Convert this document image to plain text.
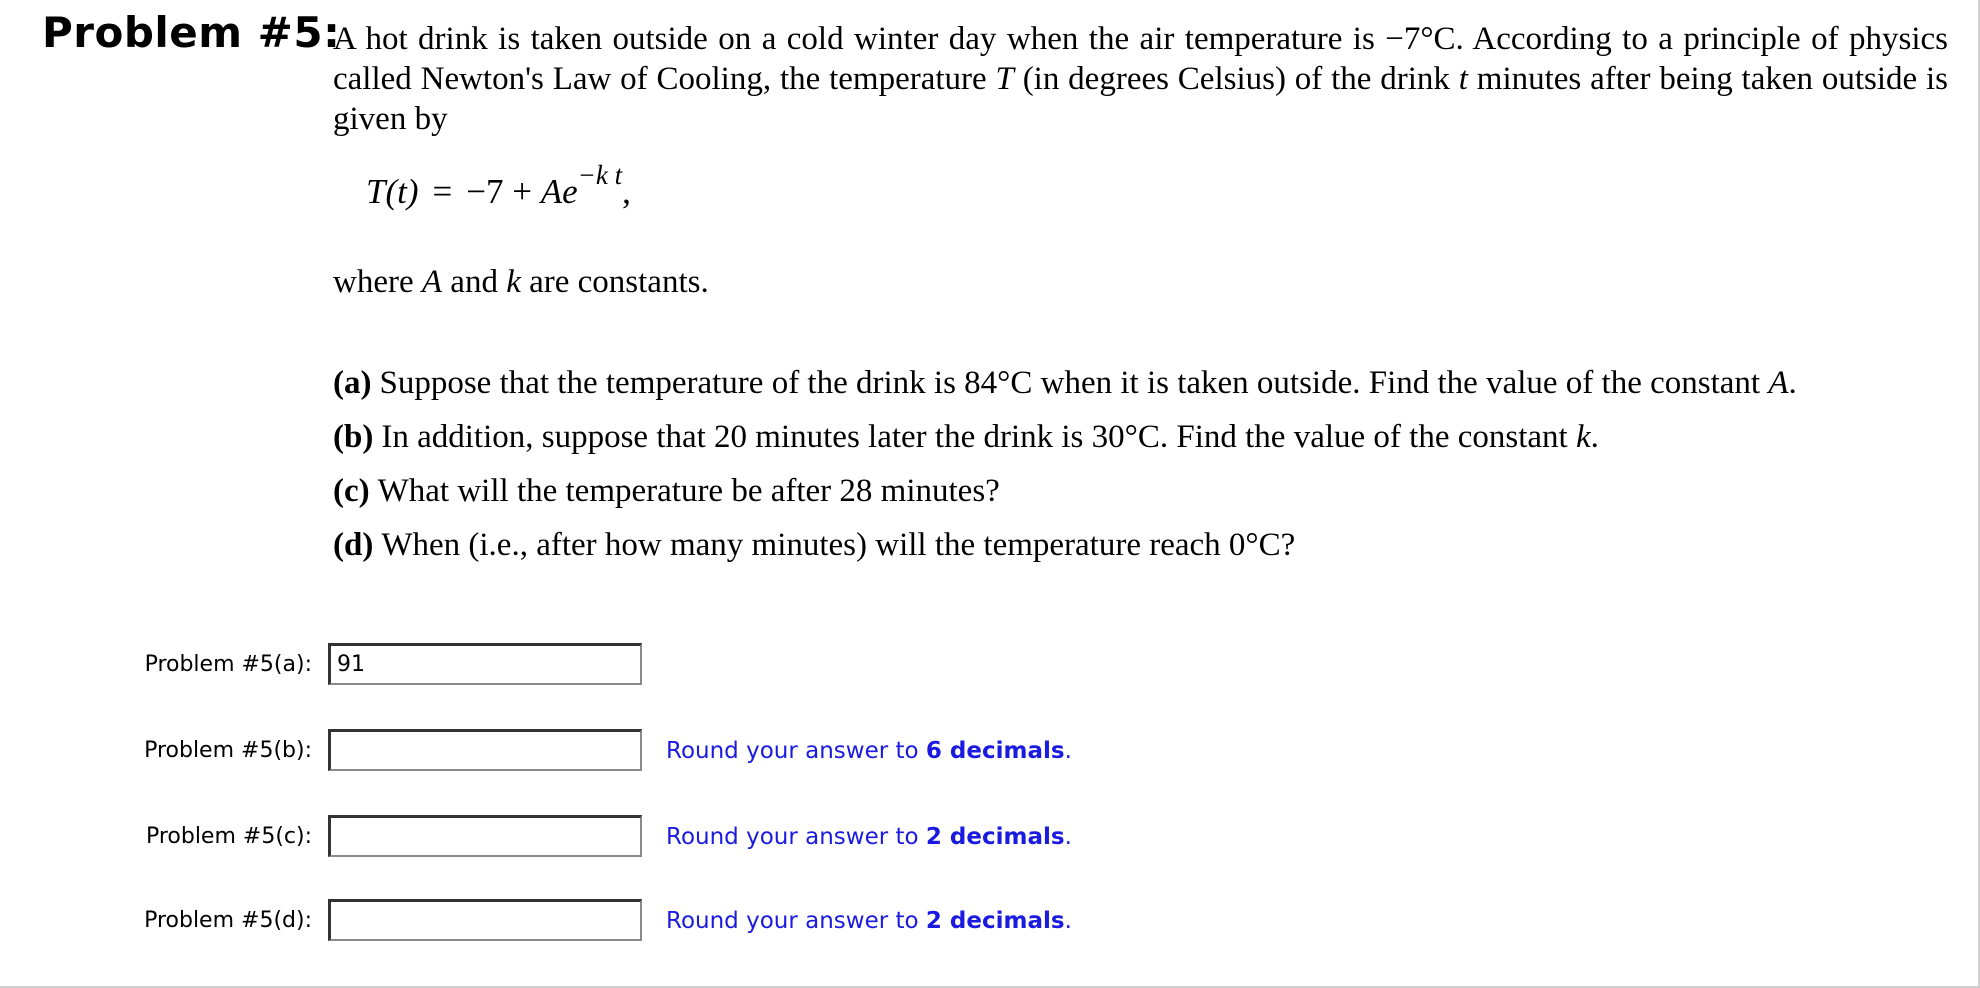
Problem #5:
A hot drink is taken outside on a cold winter day when the air temperature is −7°C. According to a principle of physics called Newton's Law of Cooling, the temperature T (in degrees Celsius) of the drink t minutes after being taken outside is given by
$T(t) = -7 + Ae^{-k t}$,
where A and k are constants.
(a) Suppose that the temperature of the drink is 84°C when it is taken outside. Find the value of the constant A.
(b) In addition, suppose that 20 minutes later the drink is 30°C. Find the value of the constant k.
(c) What will the temperature be after 28 minutes?
(d) When (i.e., after how many minutes) will the temperature reach 0°C?
Problem #5(a):
91
Problem #5(b):	Round your answer to 6 decimals.
Problem #5(c):	Round your answer to 2 decimals.
Problem #5(d):	Round your answer to 2 decimals.
